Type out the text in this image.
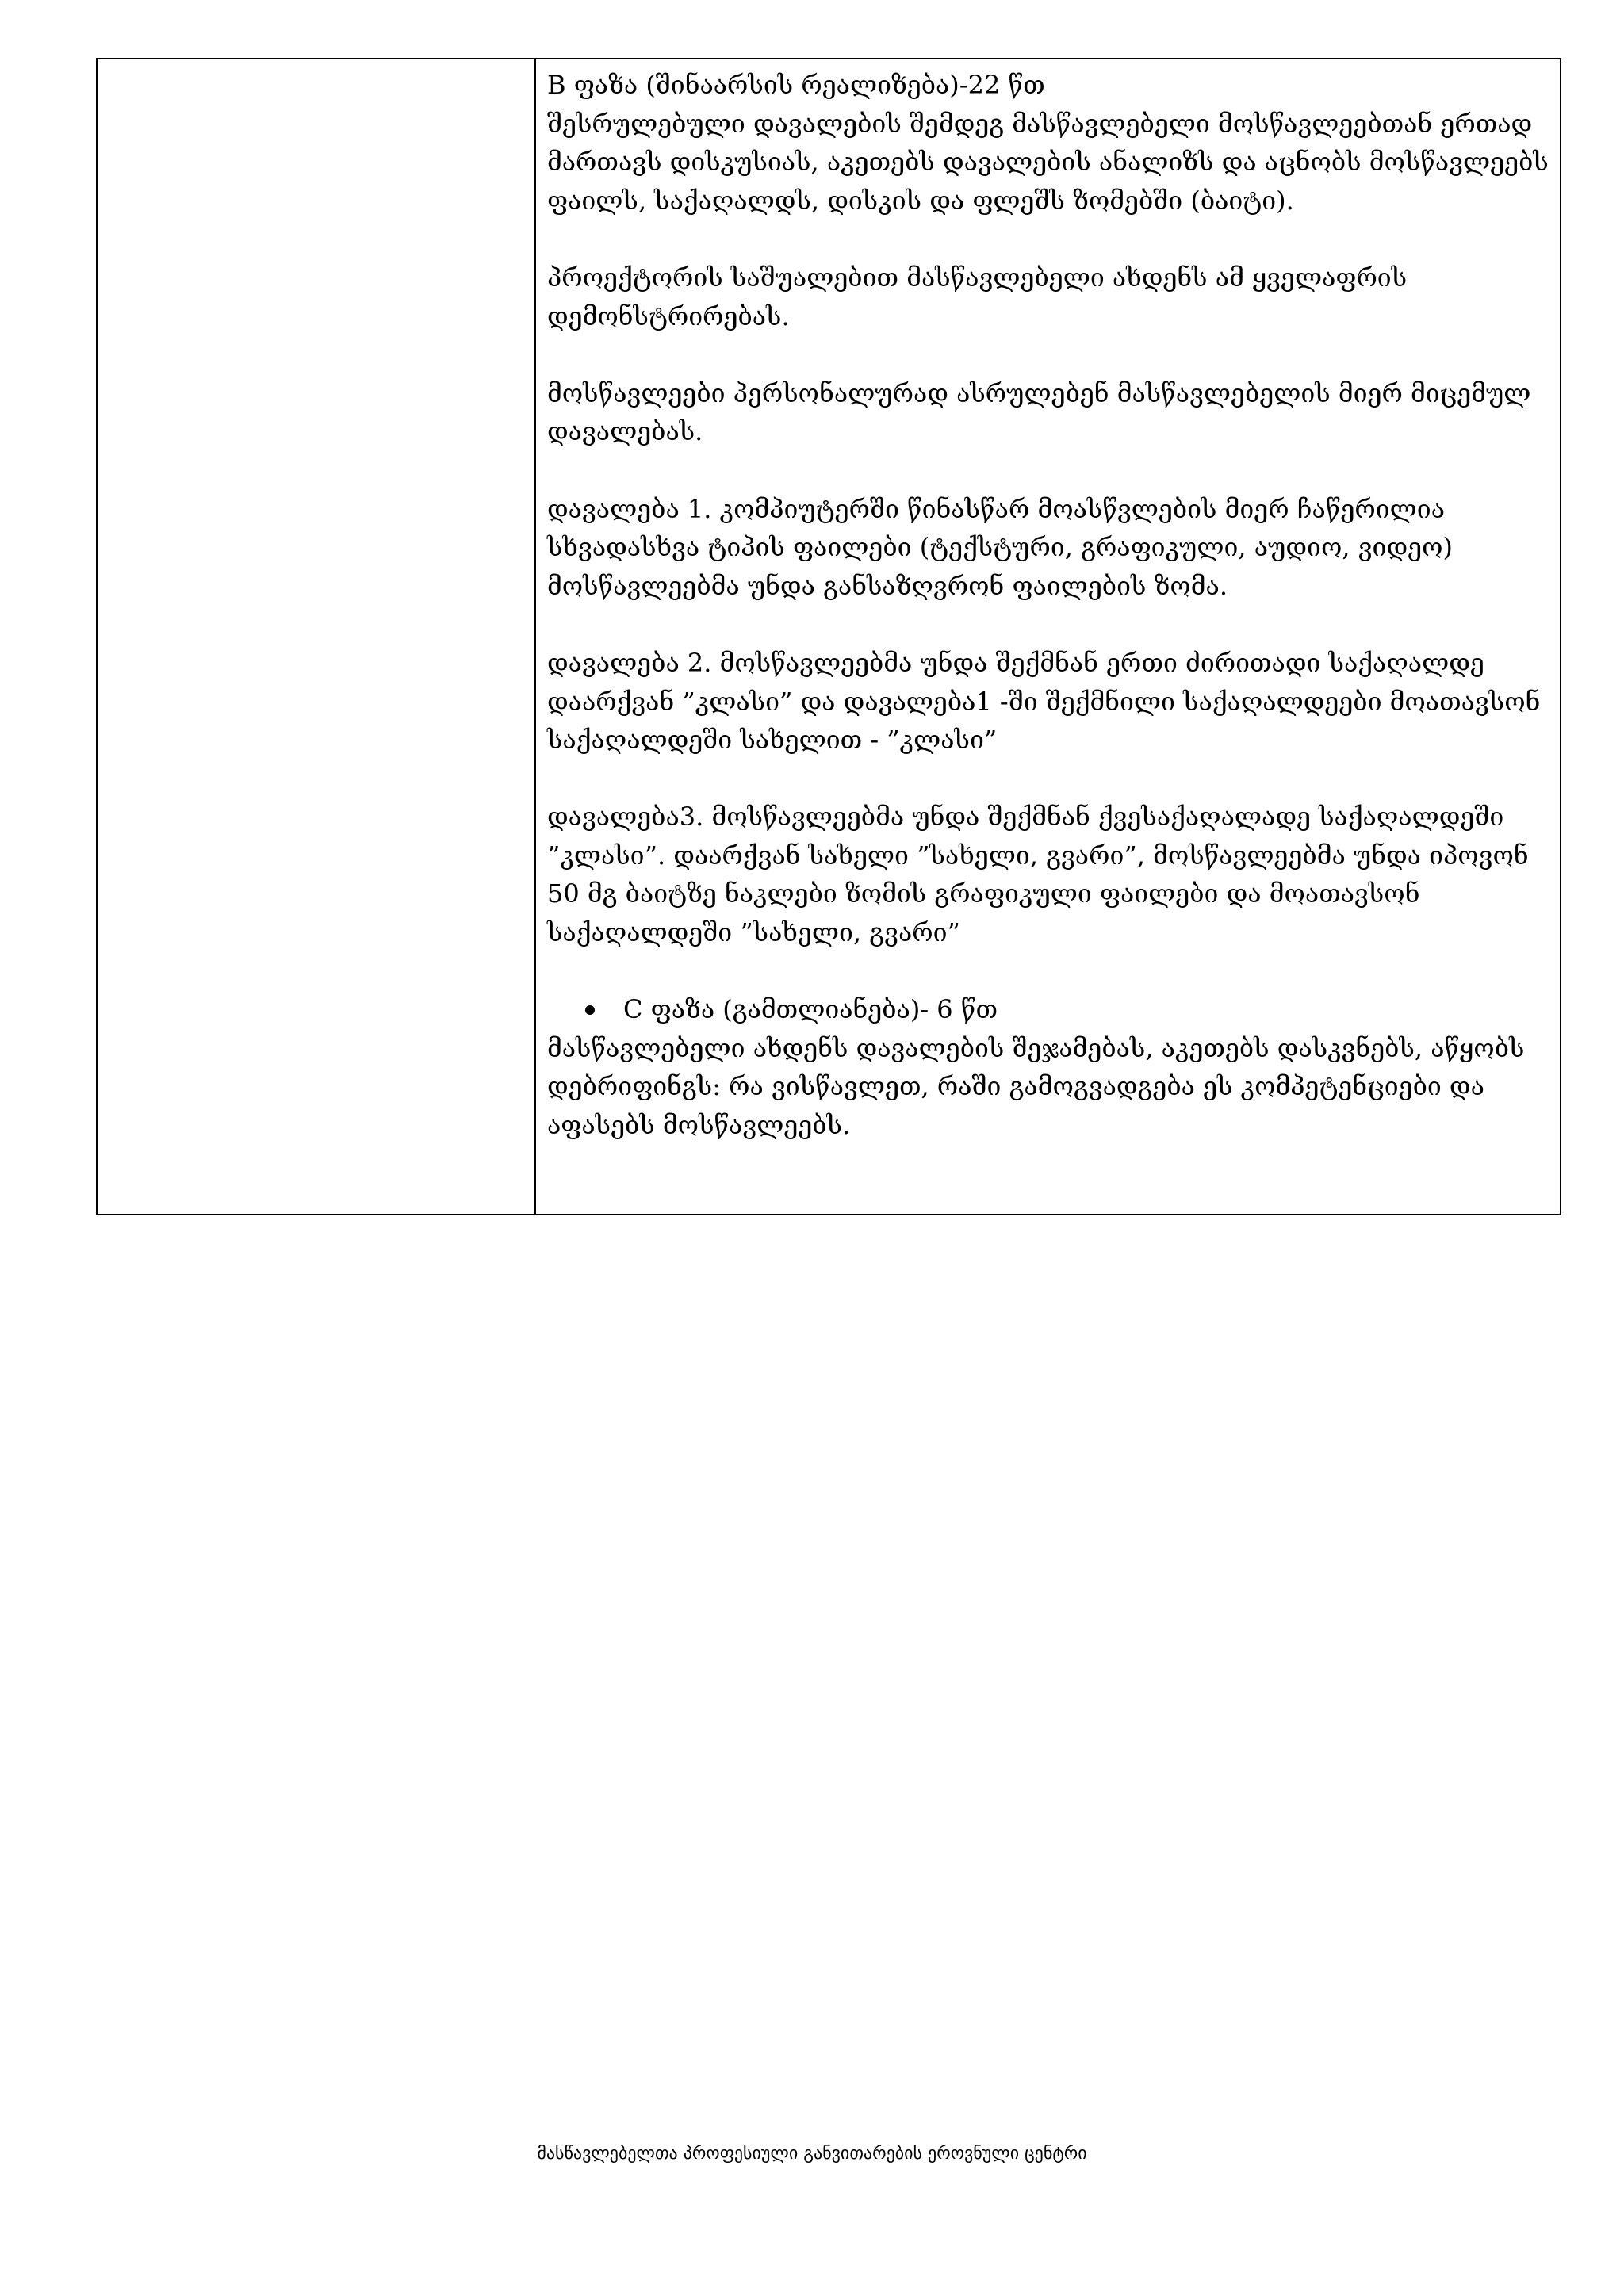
B ფაზა (შინაარსის რეალიზება)-22 წთ

შესრულებული დავალების შემდეგ მასწავლებელი მოსწავლეებთან ერთად მართავს დისკუსიას, აკეთებს დავალების ანალიზს და აცნობს მოსწავლეებს ფაილს, საქაღალდს, დისკის და ფლეშს ზომებში (ბაიტი).

პროექტორის საშუალებით მასწავლებელი ახდენს ამ ყველაფრის დემონსტრირებას.

მოსწავლეები პერსონალურად ასრულებენ მასწავლებელის მიერ მიცემულ დავალებას.

დავალება 1. კომპიუტერში წინასწარ მოასწვლების მიერ ჩაწერილია სხვადასხვა ტიპის ფაილები (ტექსტური, გრაფიკული, აუდიო, ვიდეო) მოსწავლეებმა უნდა განსაზღვრონ ფაილების ზომა.

დავალება 2. მოსწავლეებმა უნდა შექმნან ერთი ძირითადი საქაღალდე დაარქვან ”კლასი” და დავალება1 -ში შექმნილი საქაღალდეები მოათავსონ საქაღალდეში სახელით - ”კლასი”

დავალება3. მოსწავლეებმა უნდა შექმნან ქვესაქაღალადე საქაღალდეში ”კლასი”. დაარქვან სახელი ”სახელი, გვარი”, მოსწავლეებმა უნდა იპოვონ 50 მგ ბაიტზე ნაკლები ზომის გრაფიკული ფაილები და მოათავსონ საქაღალდეში ”სახელი, გვარი”

C ფაზა (გამთლიანება)- 6 წთ

მასწავლებელი ახდენს დავალების შეჯამებას, აკეთებს დასკვნებს, აწყობს დებრიფინგს: რა ვისწავლეთ, რაში გამოგვადგება ეს კომპეტენციები და აფასებს მოსწავლეებს.

მასწავლებელთა პროფესიული განვითარების ეროვნული ცენტრი
